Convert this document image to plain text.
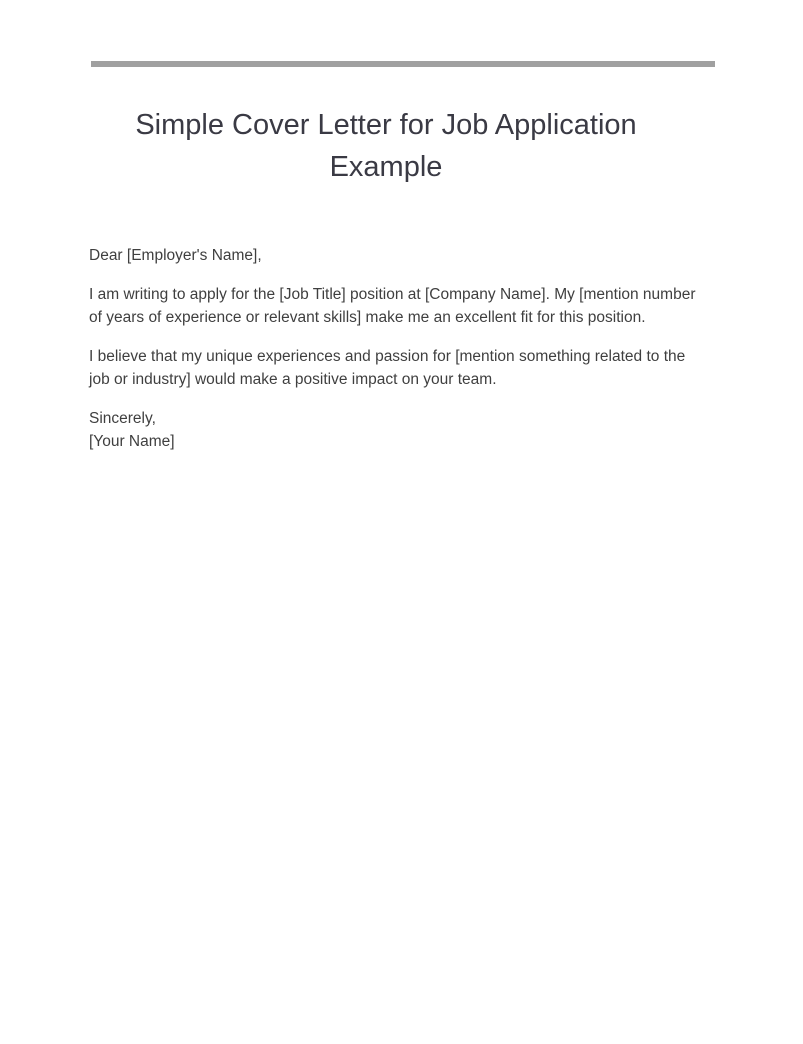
Simple Cover Letter for Job Application Example

Dear [Employer's Name],

I am writing to apply for the [Job Title] position at [Company Name]. My [mention number of years of experience or relevant skills] make me an excellent fit for this position.

I believe that my unique experiences and passion for [mention something related to the job or industry] would make a positive impact on your team.

Sincerely,
[Your Name]
